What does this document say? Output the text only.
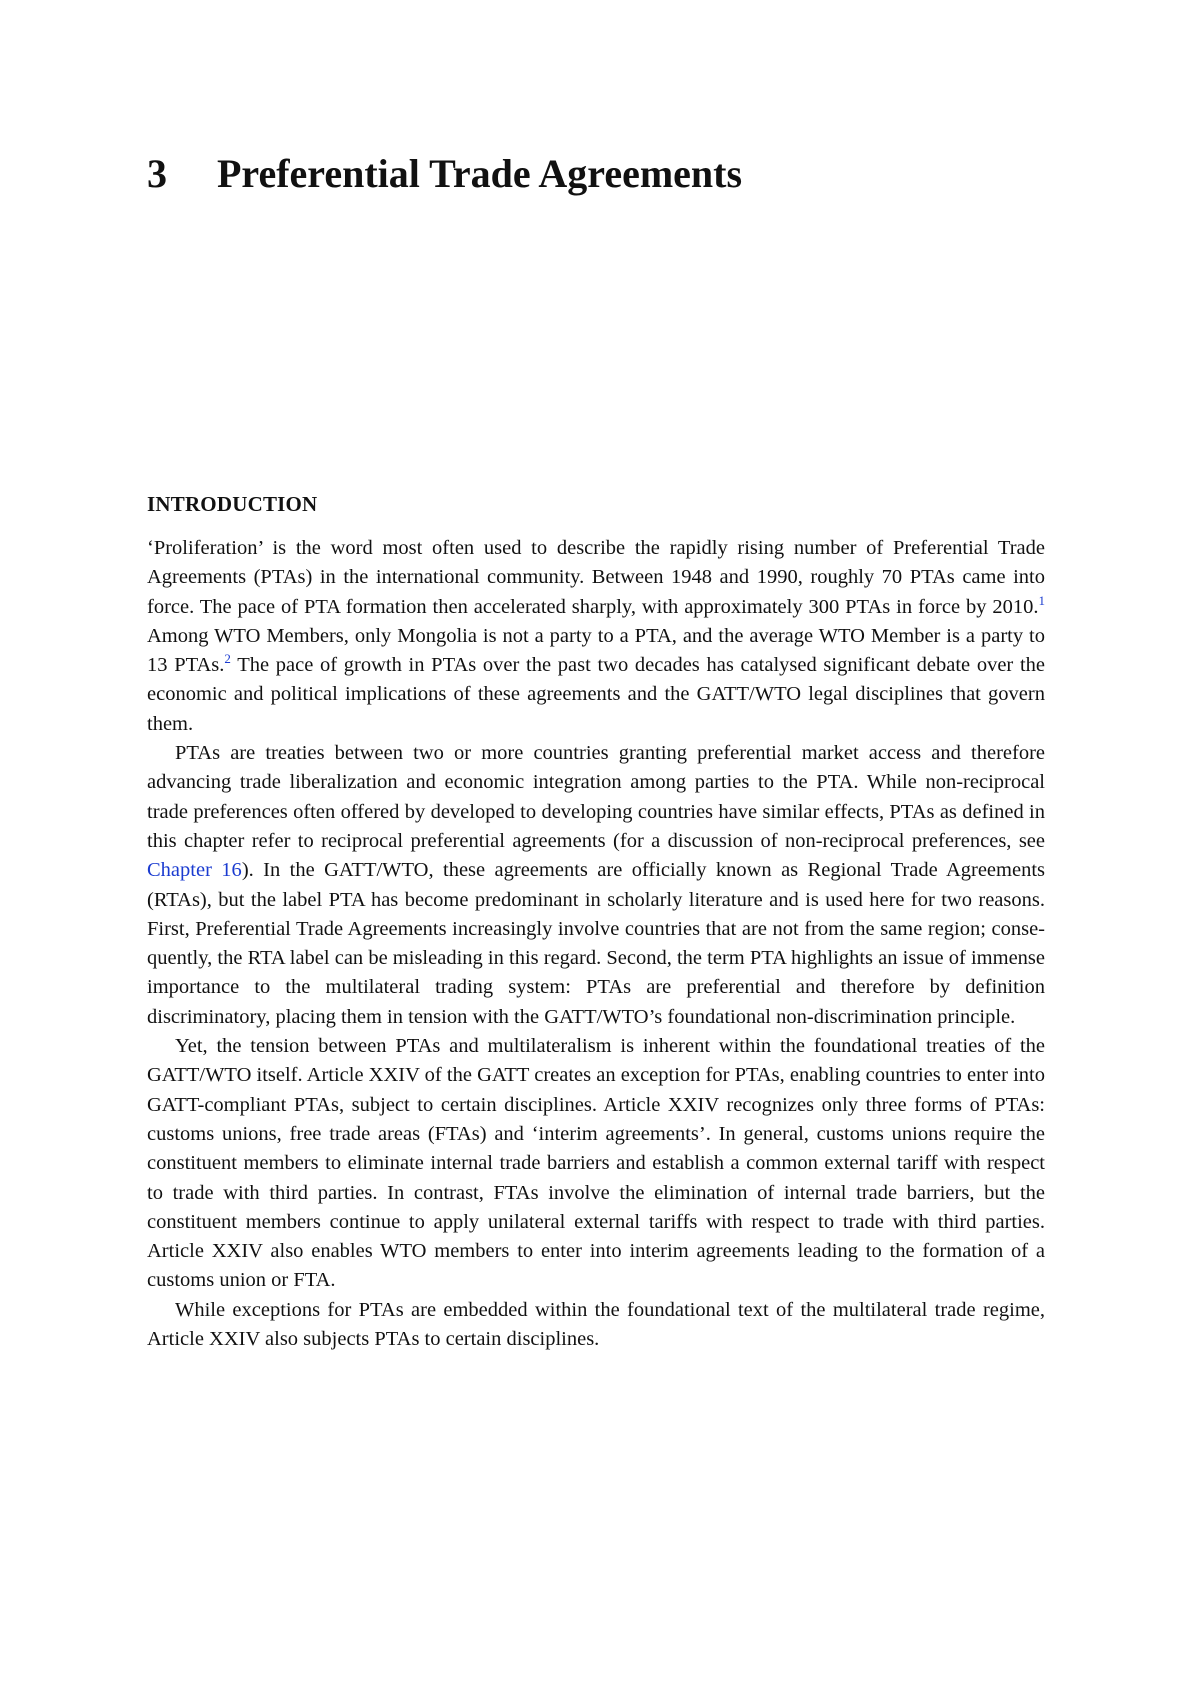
3 Preferential Trade Agreements
INTRODUCTION

‘Proliferation’ is the word most often used to describe the rapidly rising number of Preferential Trade Agreements (PTAs) in the international community. Between 1948 and 1990, roughly 70 PTAs came into force. The pace of PTA formation then accelerated sharply, with approximately 300 PTAs in force by 2010.$^1$ Among WTO Members, only Mongolia is not a party to a PTA, and the average WTO Member is a party to 13 PTAs.$^2$ The pace of growth in PTAs over the past two decades has catalysed significant debate over the economic and political implications of these agreements and the GATT/WTO legal disciplines that govern them.

PTAs are treaties between two or more countries granting preferential market access and therefore advancing trade liberalization and economic integration among parties to the PTA. While non-reciprocal trade preferences often offered by developed to developing countries have similar effects, PTAs as defined in this chapter refer to reciprocal preferential agreements (for a discussion of non-reciprocal preferences, see Chapter 16). In the GATT/WTO, these agreements are officially known as Regional Trade Agreements (RTAs), but the label PTA has become predominant in scholarly literature and is used here for two reasons. First, Preferential Trade Agreements increasingly involve countries that are not from the same region; consequently, the RTA label can be misleading in this regard. Second, the term PTA highlights an issue of immense importance to the multilateral trading system: PTAs are preferential and therefore by definition discriminatory, placing them in tension with the GATT/WTO’s foundational non-discrimination principle.

Yet, the tension between PTAs and multilateralism is inherent within the foundational treaties of the GATT/WTO itself. Article XXIV of the GATT creates an exception for PTAs, enabling countries to enter into GATT-compliant PTAs, subject to certain disciplines. Article XXIV recognizes only three forms of PTAs: customs unions, free trade areas (FTAs) and ‘interim agreements’. In general, customs unions require the constituent members to eliminate internal trade barriers and establish a common external tariff with respect to trade with third parties. In contrast, FTAs involve the elimination of internal trade barriers, but the constituent members continue to apply unilateral external tariffs with respect to trade with third parties. Article XXIV also enables WTO members to enter into interim agreements leading to the formation of a customs union or FTA.

While exceptions for PTAs are embedded within the foundational text of the multilateral trade regime, Article XXIV also subjects PTAs to certain disciplines.
